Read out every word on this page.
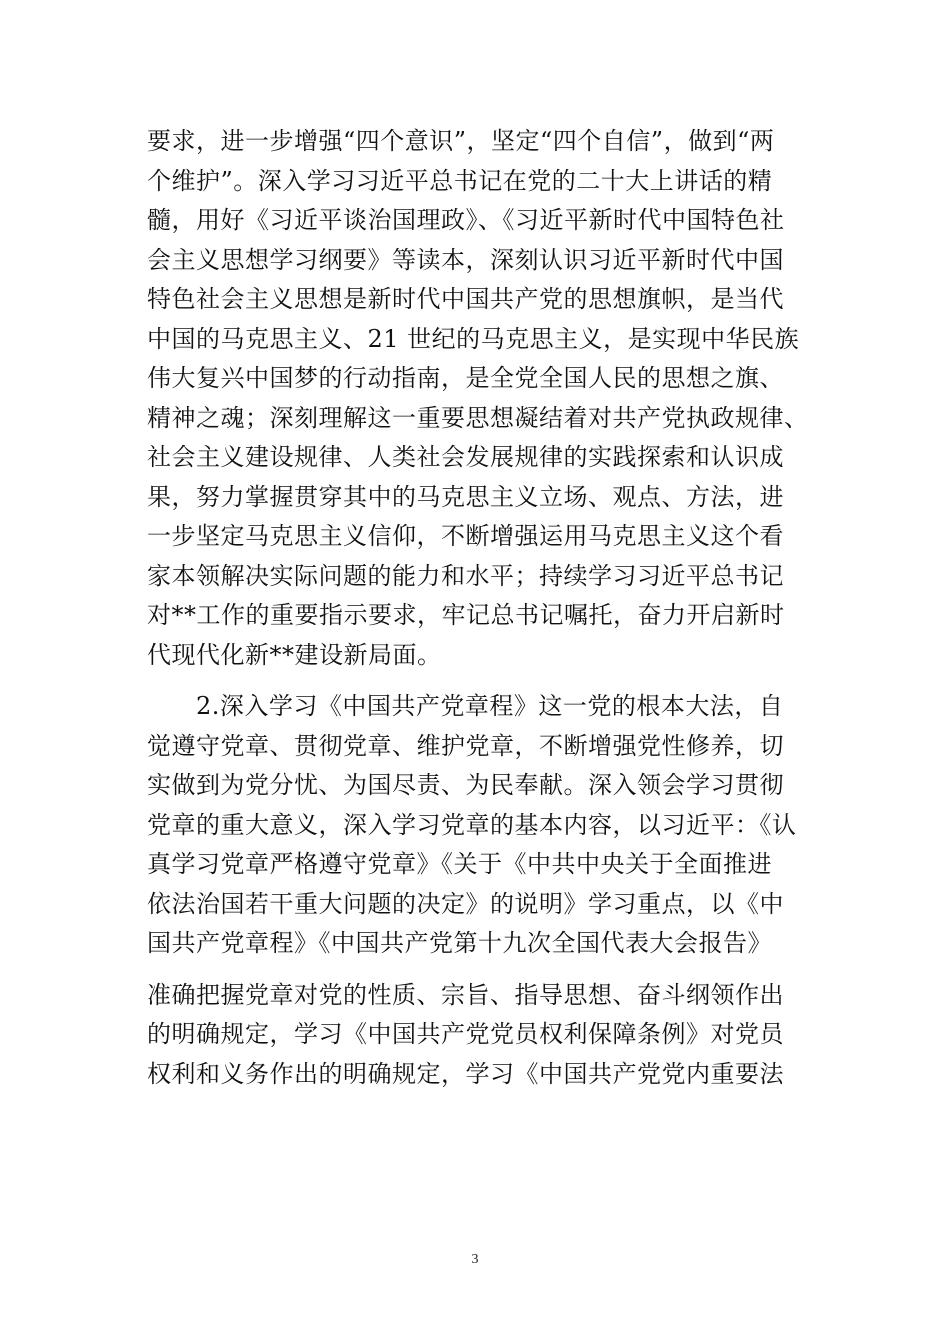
要求，进一步增强“四个意识”，坚定“四个自信”，做到“两
个维护”。深入学习习近平总书记在党的二十大上讲话的精
髓，用好《习近平谈治国理政》、《习近平新时代中国特色社
会主义思想学习纲要》等读本，深刻认识习近平新时代中国
特色社会主义思想是新时代中国共产党的思想旗帜，是当代
中国的马克思主义、21 世纪的马克思主义，是实现中华民族
伟大复兴中国梦的行动指南，是全党全国人民的思想之旗、
精神之魂；深刻理解这一重要思想凝结着对共产党执政规律、
社会主义建设规律、人类社会发展规律的实践探索和认识成
果，努力掌握贯穿其中的马克思主义立场、观点、方法，进
一步坚定马克思主义信仰，不断增强运用马克思主义这个看
家本领解决实际问题的能力和水平；持续学习习近平总书记
对**工作的重要指示要求，牢记总书记嘱托，奋力开启新时
代现代化新**建设新局面。
　　2.深入学习《中国共产党章程》这一党的根本大法，自
觉遵守党章、贯彻党章、维护党章，不断增强党性修养，切
实做到为党分忧、为国尽责、为民奉献。深入领会学习贯彻
党章的重大意义，深入学习党章的基本内容，以习近平：《认
真学习党章严格遵守党章》《关于《中共中央关于全面推进
依法治国若干重大问题的决定》的说明》学习重点，以《中
国共产党章程》《中国共产党第十九次全国代表大会报告》
准确把握党章对党的性质、宗旨、指导思想、奋斗纲领作出
的明确规定，学习《中国共产党党员权利保障条例》对党员
权利和义务作出的明确规定，学习《中国共产党党内重要法
3
